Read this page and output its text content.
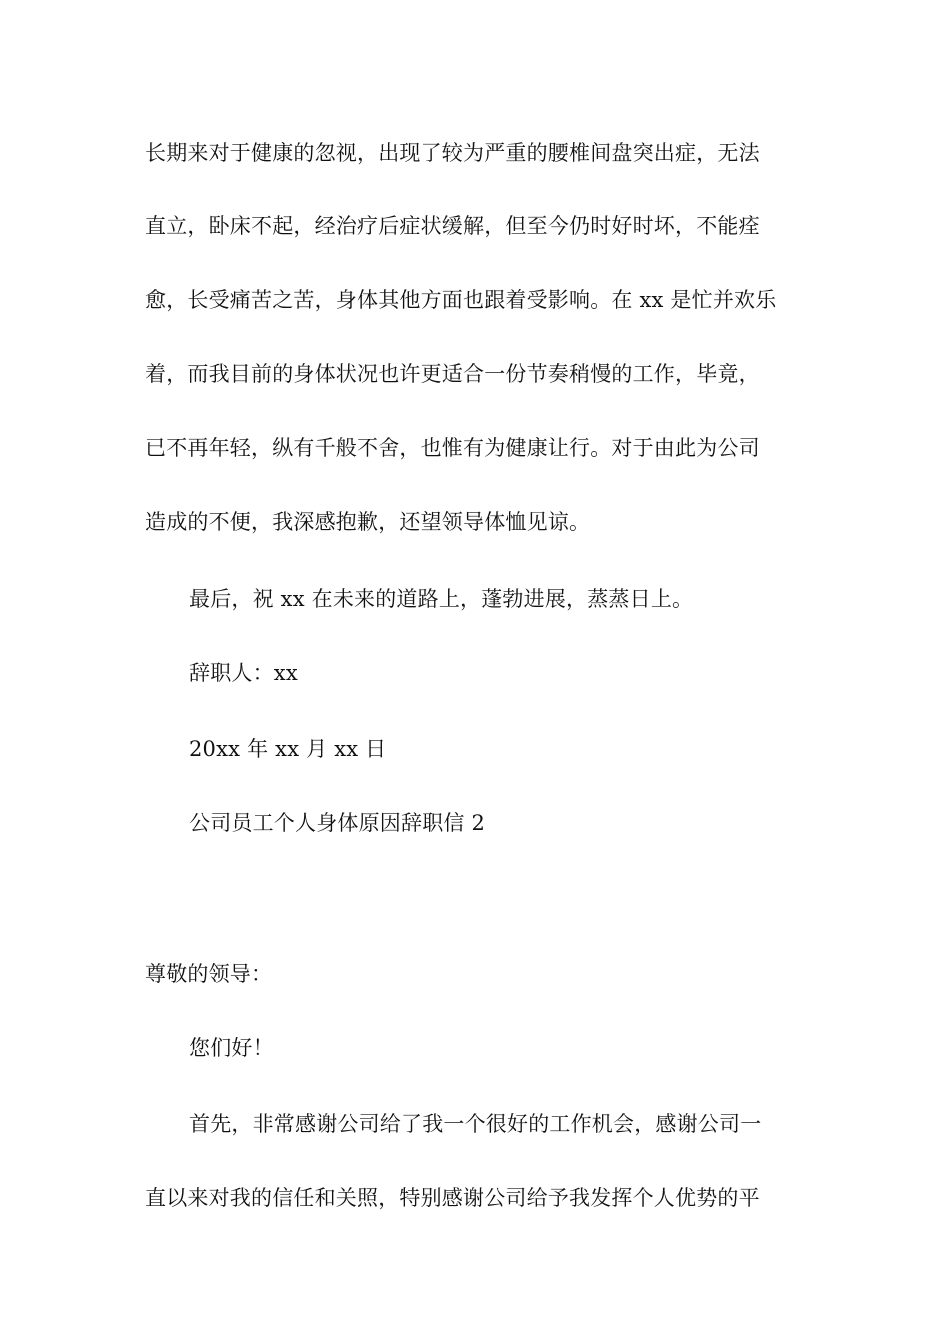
长期来对于健康的忽视，出现了较为严重的腰椎间盘突出症，无法
直立，卧床不起，经治疗后症状缓解，但至今仍时好时坏，不能痊
愈，长受痛苦之苦，身体其他方面也跟着受影响。在 xx 是忙并欢乐
着，而我目前的身体状况也许更适合一份节奏稍慢的工作，毕竟，
已不再年轻，纵有千般不舍，也惟有为健康让行。对于由此为公司
造成的不便，我深感抱歉，还望领导体恤见谅。
最后，祝 xx 在未来的道路上，蓬勃进展，蒸蒸日上。
辞职人：xx
20xx 年 xx 月 xx 日
公司员工个人身体原因辞职信 2
尊敬的领导：
您们好！
首先，非常感谢公司给了我一个很好的工作机会，感谢公司一
直以来对我的信任和关照，特别感谢公司给予我发挥个人优势的平
